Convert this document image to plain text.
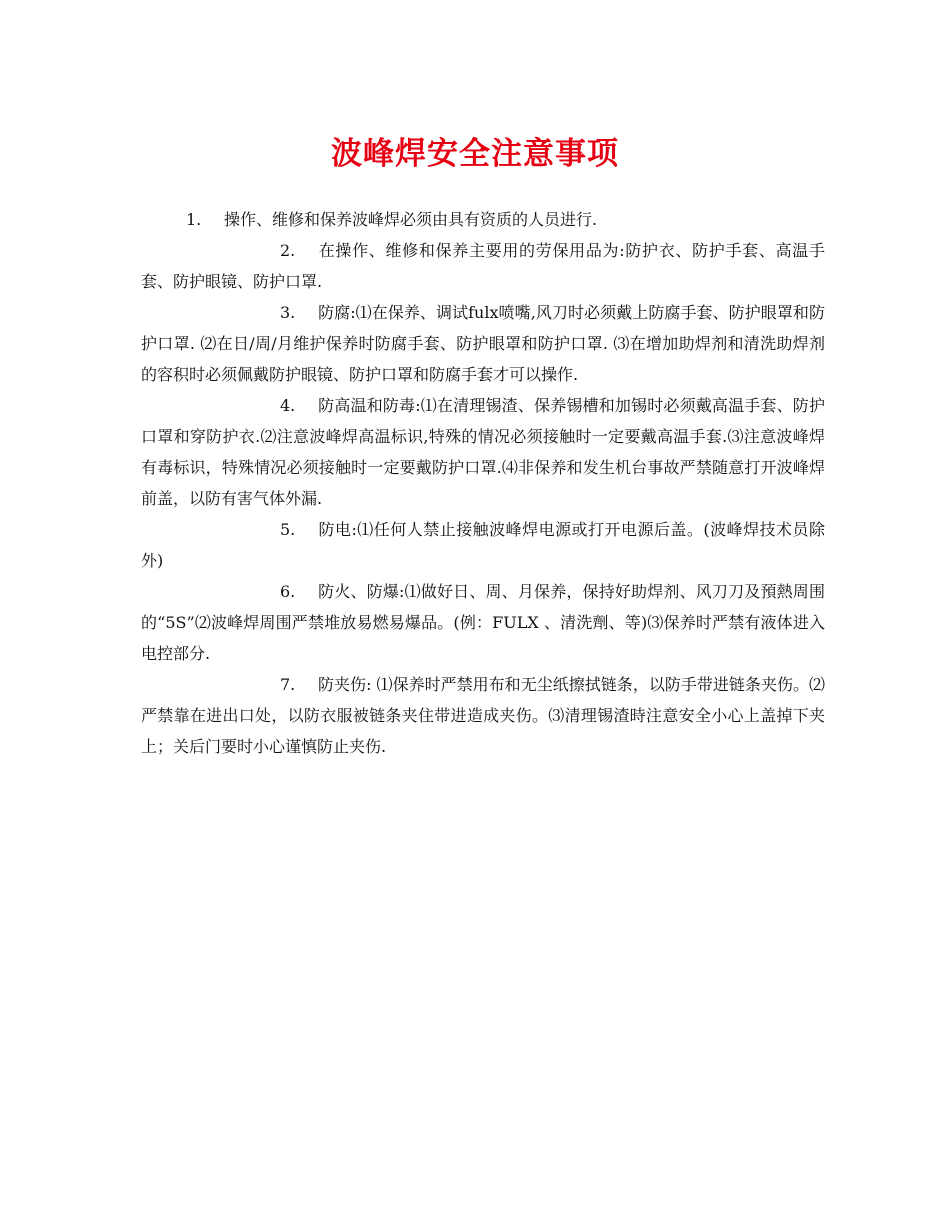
波峰焊安全注意事项

1. 操作、维修和保养波峰焊必须由具有资质的人员进行.

2. 在操作、维修和保养主要用的劳保用品为:防护衣、防护手套、高温手套、防护眼镜、防护口罩.

3. 防腐:⑴在保养、调试fulx喷嘴,风刀时必须戴上防腐手套、防护眼罩和防护口罩. ⑵在日/周/月维护保养时防腐手套、防护眼罩和防护口罩. ⑶在增加助焊剂和清洗助焊剂的容积时必须佩戴防护眼镜、防护口罩和防腐手套才可以操作.

4. 防高温和防毒:⑴在清理锡渣、保养锡槽和加锡时必须戴高温手套、防护口罩和穿防护衣.⑵注意波峰焊高温标识,特殊的情况必须接触时一定要戴高温手套.⑶注意波峰焊有毒标识，特殊情况必须接触时一定要戴防护口罩.⑷非保养和发生机台事故严禁随意打开波峰焊前盖，以防有害气体外漏.

5. 防电:⑴任何人禁止接触波峰焊电源或打开电源后盖。(波峰焊技术员除外)

6. 防火、防爆:⑴做好日、周、月保养，保持好助焊剂、风刀刀及預熱周围的“5S”⑵波峰焊周围严禁堆放易燃易爆品。(例：FULX 、清洗劑、等)⑶保养时严禁有液体进入电控部分.

7. 防夹伤: ⑴保养时严禁用布和无尘纸擦拭链条，以防手带进链条夹伤。⑵严禁靠在进出口处，以防衣服被链条夹住带进造成夹伤。⑶清理锡渣時注意安全小心上盖掉下夹上；关后门要时小心谨慎防止夹伤.
